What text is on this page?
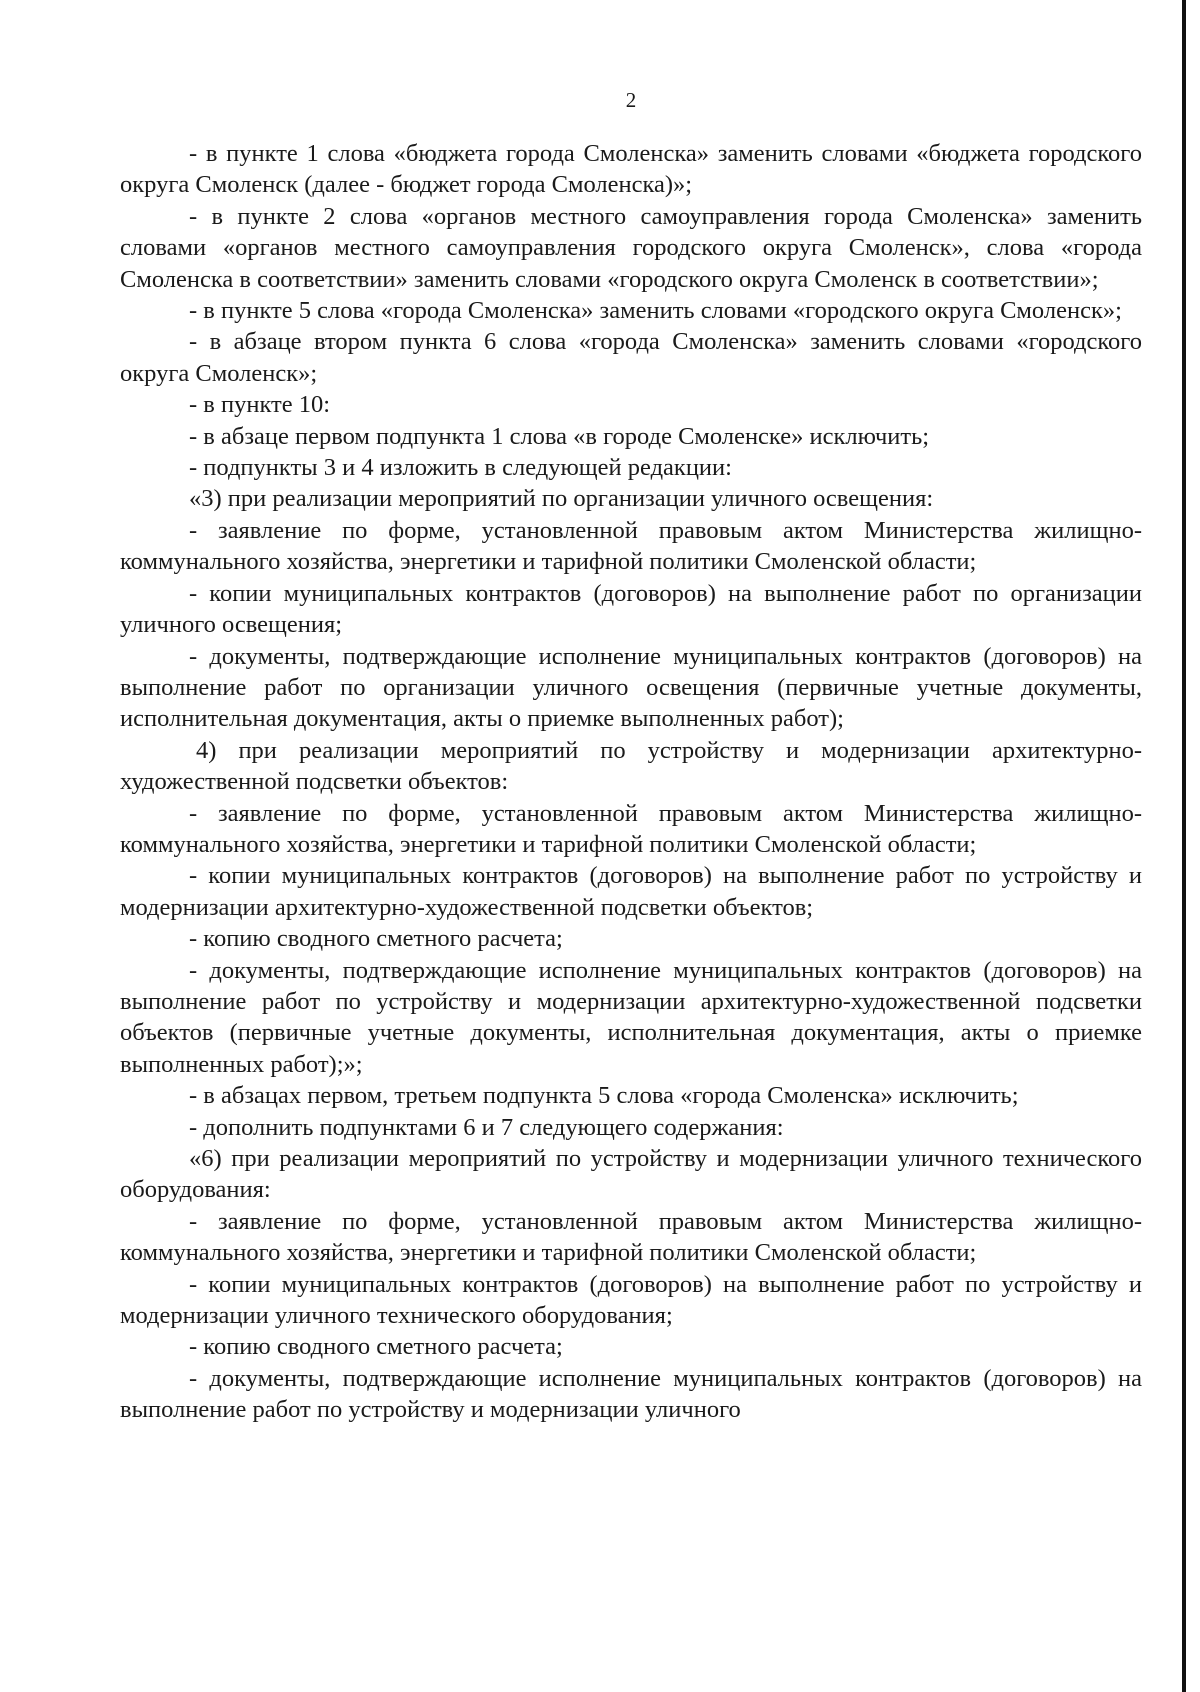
2

- в пункте 1 слова «бюджета города Смоленска» заменить словами «бюджета городского округа Смоленск (далее - бюджет города Смоленска)»;

- в пункте 2 слова «органов местного самоуправления города Смоленска» заменить словами «органов местного самоуправления городского округа Смоленск», слова «города Смоленска в соответствии» заменить словами «городского округа Смоленск в соответствии»;

- в пункте 5 слова «города Смоленска» заменить словами «городского округа Смоленск»;

- в абзаце втором пункта 6 слова «города Смоленска» заменить словами «городского округа Смоленск»;

- в пункте 10:

- в абзаце первом подпункта 1 слова «в городе Смоленске» исключить;

- подпункты 3 и 4 изложить в следующей редакции:

«3) при реализации мероприятий по организации уличного освещения:

- заявление по форме, установленной правовым актом Министерства жилищно-коммунального хозяйства, энергетики и тарифной политики Смоленской области;

- копии муниципальных контрактов (договоров) на выполнение работ по организации уличного освещения;

- документы, подтверждающие исполнение муниципальных контрактов (договоров) на выполнение работ по организации уличного освещения (первичные учетные документы, исполнительная документация, акты о приемке выполненных работ);

4) при реализации мероприятий по устройству и модернизации архитектурно-художественной подсветки объектов:

- заявление по форме, установленной правовым актом Министерства жилищно-коммунального хозяйства, энергетики и тарифной политики Смоленской области;

- копии муниципальных контрактов (договоров) на выполнение работ по устройству и модернизации архитектурно-художественной подсветки объектов;

- копию сводного сметного расчета;

- документы, подтверждающие исполнение муниципальных контрактов (договоров) на выполнение работ по устройству и модернизации архитектурно-художественной подсветки объектов (первичные учетные документы, исполнительная документация, акты о приемке выполненных работ);»;

- в абзацах первом, третьем подпункта 5 слова «города Смоленска» исключить;

- дополнить подпунктами 6 и 7 следующего содержания:

«6) при реализации мероприятий по устройству и модернизации уличного технического оборудования:

- заявление по форме, установленной правовым актом Министерства жилищно-коммунального хозяйства, энергетики и тарифной политики Смоленской области;

- копии муниципальных контрактов (договоров) на выполнение работ по устройству и модернизации уличного технического оборудования;

- копию сводного сметного расчета;

- документы, подтверждающие исполнение муниципальных контрактов (договоров) на выполнение работ по устройству и модернизации уличного
